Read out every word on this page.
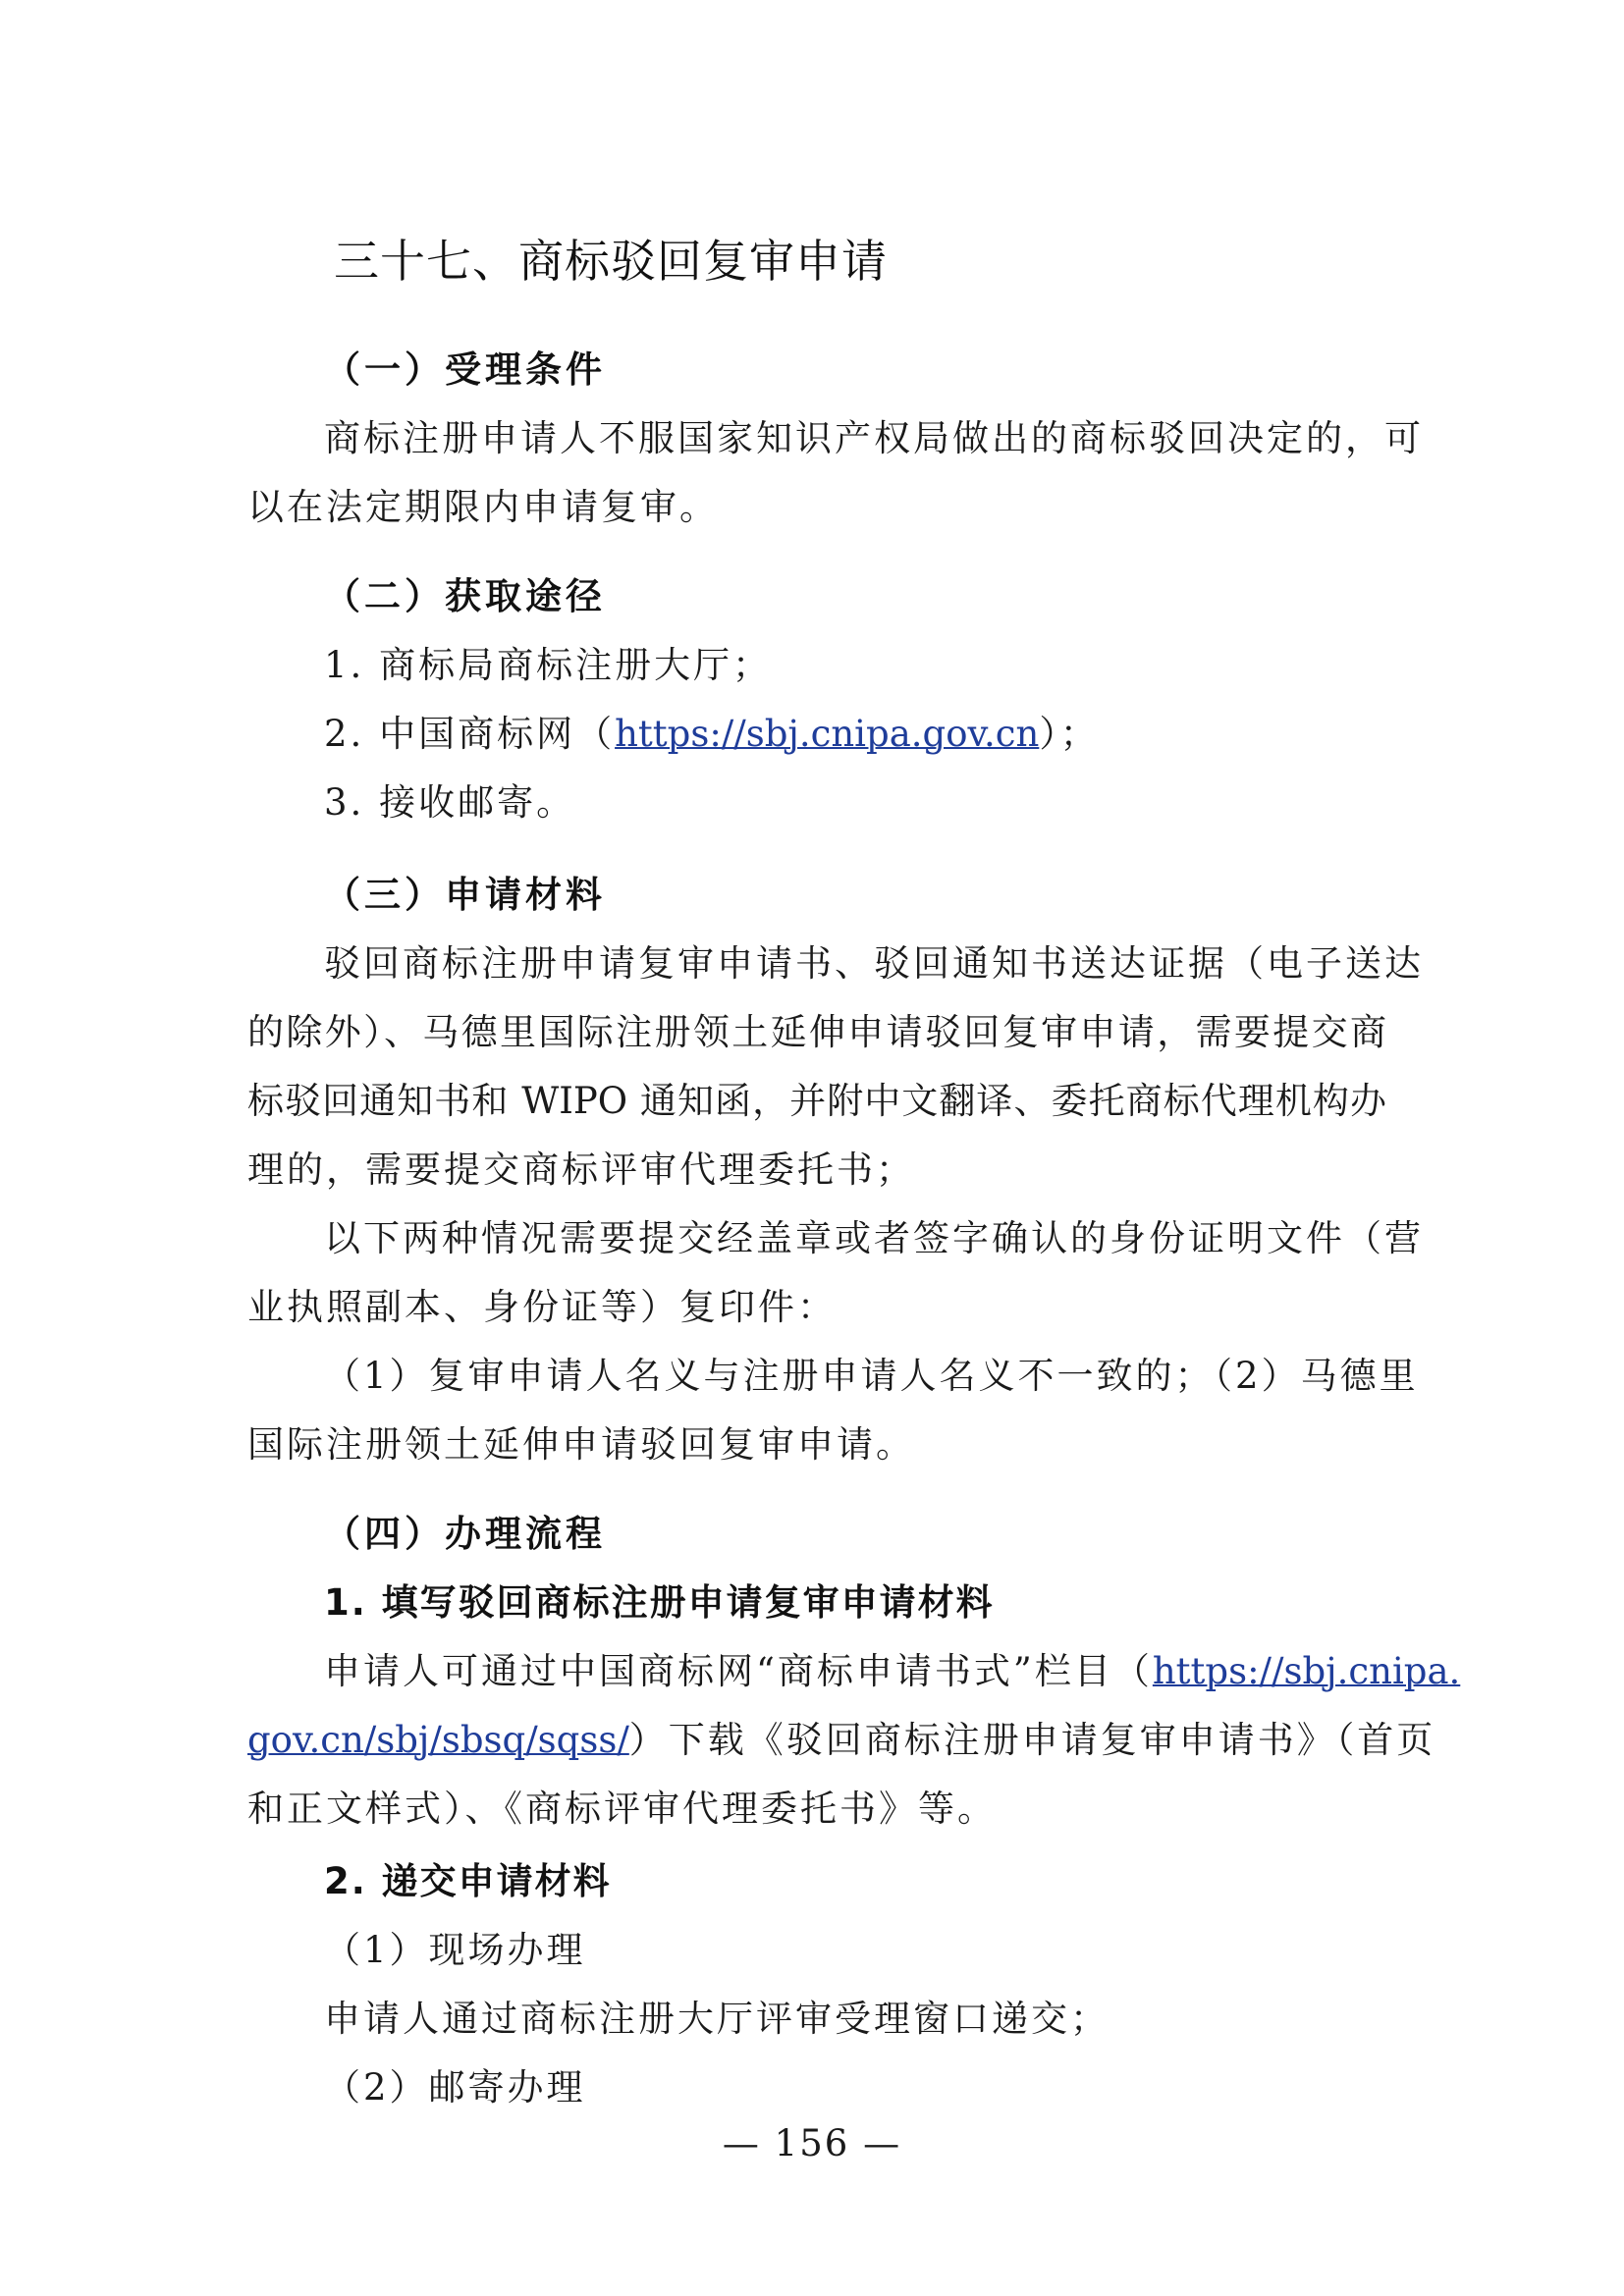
三十七、商标驳回复审申请
（一）受理条件
商标注册申请人不服国家知识产权局做出的商标驳回决定的，可
以在法定期限内申请复审。
（二）获取途径
1. 商标局商标注册大厅；
2. 中国商标网（https://sbj.cnipa.gov.cn）；
3. 接收邮寄。
（三）申请材料
驳回商标注册申请复审申请书、驳回通知书送达证据（电子送达
的除外）、马德里国际注册领土延伸申请驳回复审申请，需要提交商
标驳回通知书和 WIPO 通知函，并附中文翻译、委托商标代理机构办
理的，需要提交商标评审代理委托书；
以下两种情况需要提交经盖章或者签字确认的身份证明文件（营
业执照副本、身份证等）复印件：
（1）复审申请人名义与注册申请人名义不一致的；（2）马德里
国际注册领土延伸申请驳回复审申请。
（四）办理流程
1. 填写驳回商标注册申请复审申请材料
申请人可通过中国商标网“商标申请书式”栏目（https://sbj.cnipa.
gov.cn/sbj/sbsq/sqss/）下载《驳回商标注册申请复审申请书》（首页
和正文样式）、《商标评审代理委托书》等。
2. 递交申请材料
（1）现场办理
申请人通过商标注册大厅评审受理窗口递交；
（2）邮寄办理
— 156 —
